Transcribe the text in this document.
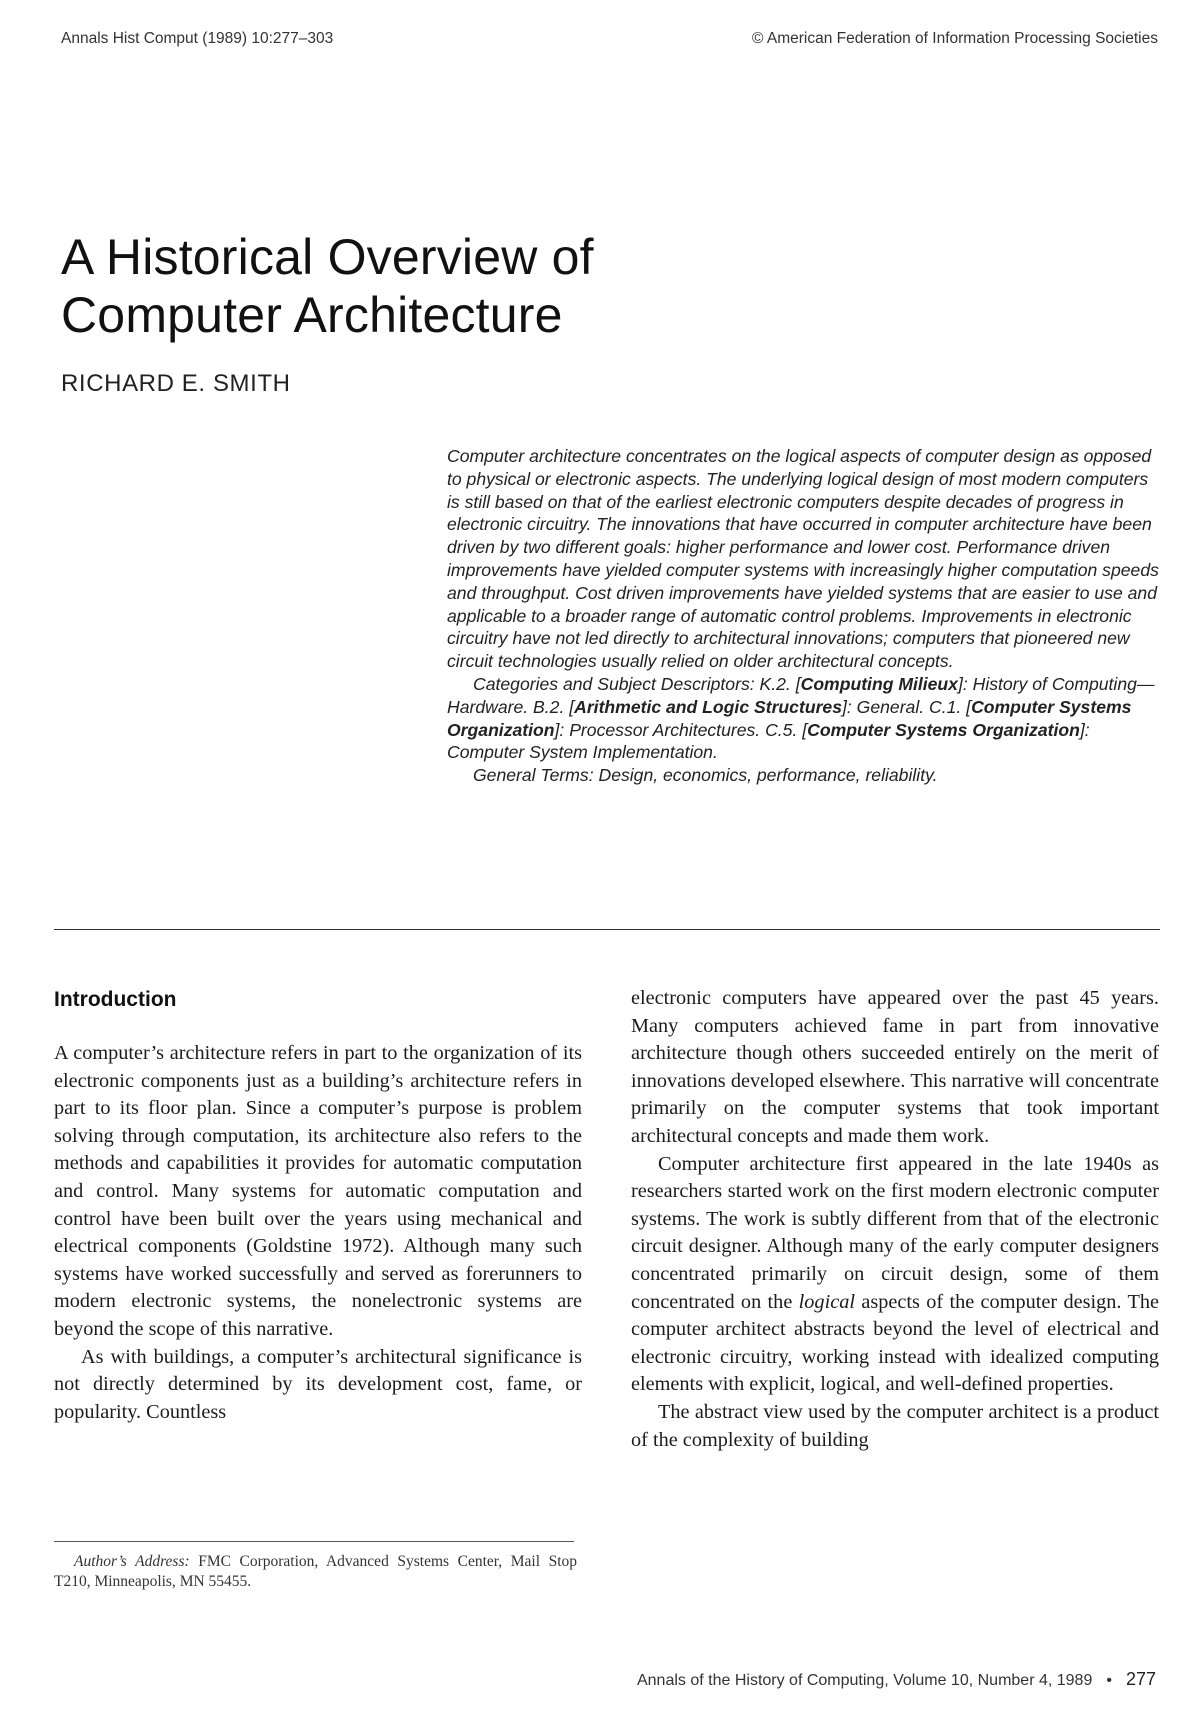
Annals Hist Comput (1989) 10:277–303	© American Federation of Information Processing Societies
A Historical Overview of
Computer Architecture
RICHARD E. SMITH

Computer architecture concentrates on the logical aspects of computer design as opposed to physical or electronic aspects. The underlying logical design of most modern computers is still based on that of the earliest electronic computers despite decades of progress in electronic circuitry. The innovations that have occurred in computer architecture have been driven by two different goals: higher performance and lower cost. Performance driven improvements have yielded computer systems with increasingly higher computation speeds and throughput. Cost driven improvements have yielded systems that are easier to use and applicable to a broader range of automatic control problems. Improvements in electronic circuitry have not led directly to architectural innovations; computers that pioneered new circuit technologies usually relied on older architectural concepts.

Categories and Subject Descriptors: K.2. [Computing Milieux]: History of Computing—Hardware. B.2. [Arithmetic and Logic Structures]: General. C.1. [Computer Systems Organization]: Processor Architectures. C.5. [Computer Systems Organization]: Computer System Implementation.

General Terms: Design, economics, performance, reliability.

Introduction

A computer’s architecture refers in part to the organization of its electronic components just as a building’s architecture refers in part to its floor plan. Since a computer’s purpose is problem solving through computation, its architecture also refers to the methods and capabilities it provides for automatic computation and control. Many systems for automatic computation and control have been built over the years using mechanical and electrical components (Goldstine 1972). Although many such systems have worked successfully and served as forerunners to modern electronic systems, the nonelectronic systems are beyond the scope of this narrative.

As with buildings, a computer’s architectural significance is not directly determined by its development cost, fame, or popularity. Countless

electronic computers have appeared over the past 45 years. Many computers achieved fame in part from innovative architecture though others succeeded entirely on the merit of innovations developed elsewhere. This narrative will concentrate primarily on the computer systems that took important architectural concepts and made them work.

Computer architecture first appeared in the late 1940s as researchers started work on the first modern electronic computer systems. The work is subtly different from that of the electronic circuit designer. Although many of the early computer designers concentrated primarily on circuit design, some of them concentrated on the logical aspects of the computer design. The computer architect abstracts beyond the level of electrical and electronic circuitry, working instead with idealized computing elements with explicit, logical, and well-defined properties.

The abstract view used by the computer architect is a product of the complexity of building

Author’s Address: FMC Corporation, Advanced Systems Center, Mail Stop T210, Minneapolis, MN 55455.

Annals of the History of Computing, Volume 10, Number 4, 1989 • 277
